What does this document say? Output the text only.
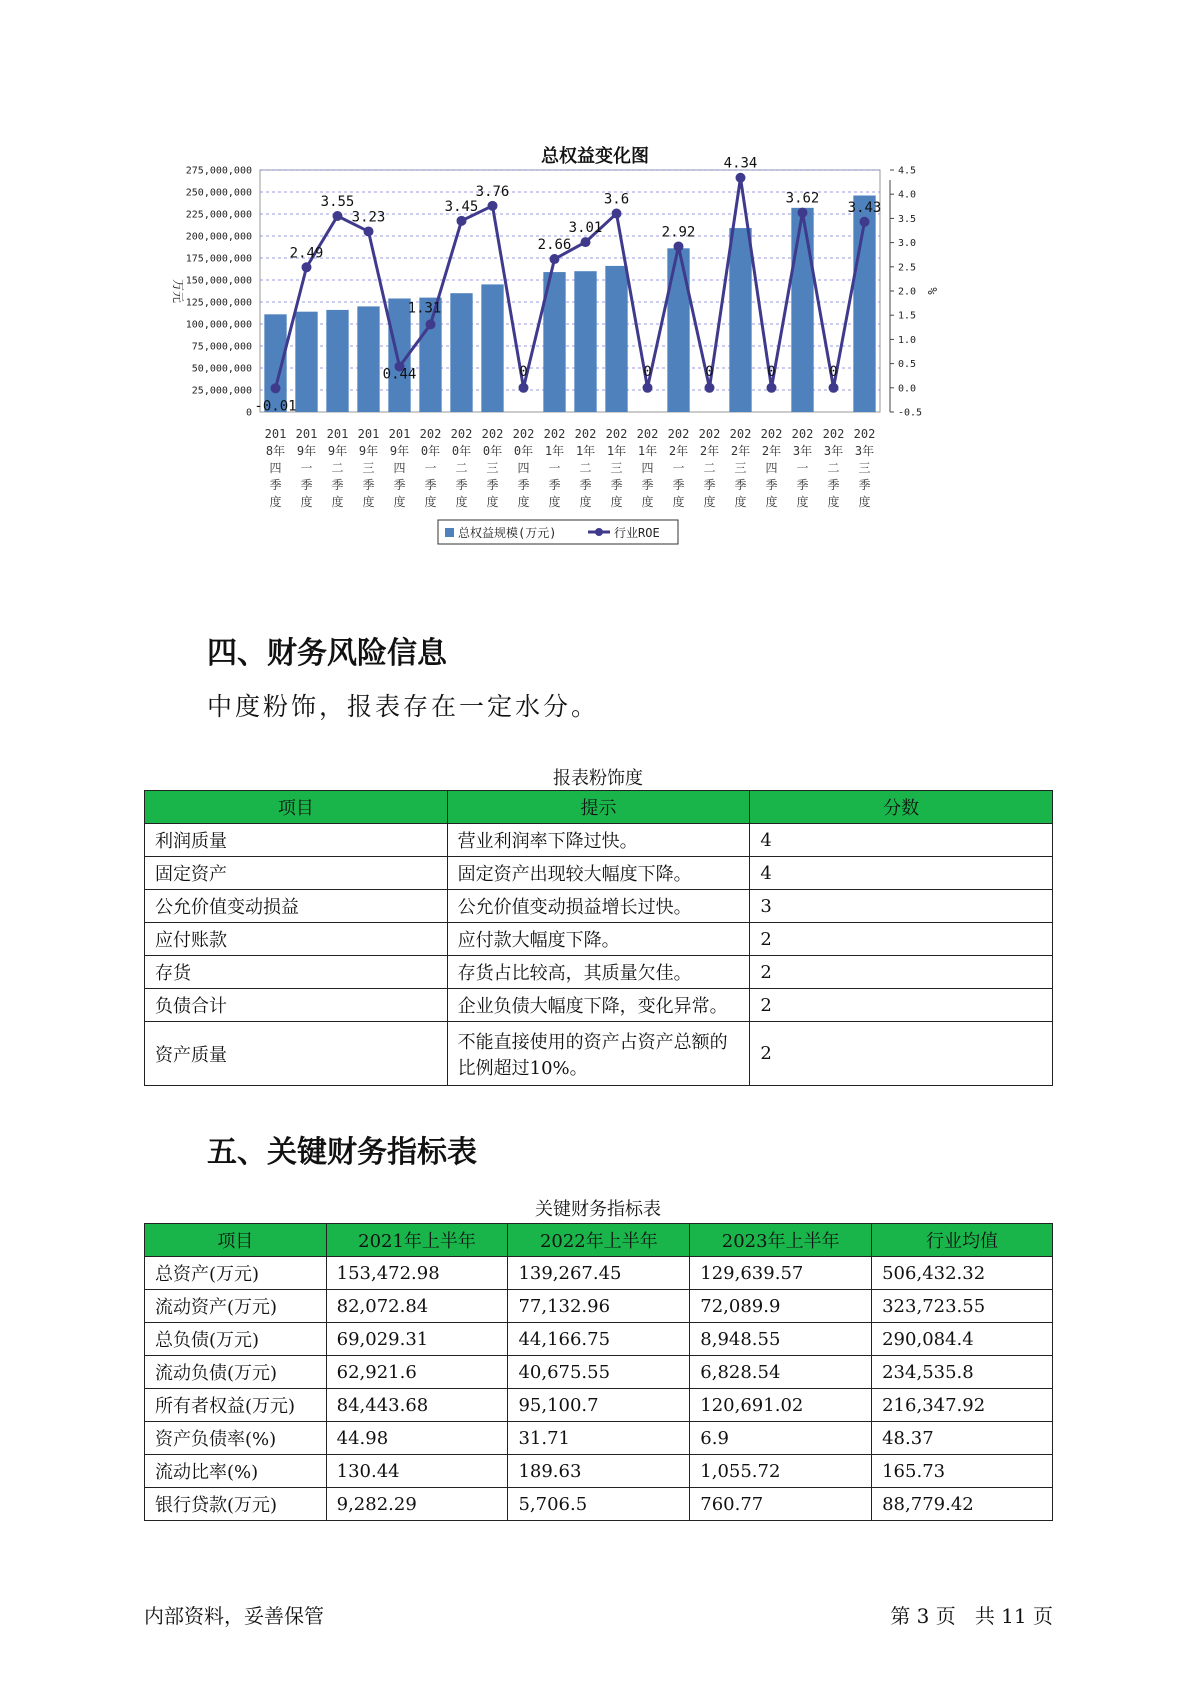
总权益变化图
0
25,000,000
50,000,000
75,000,000
100,000,000
125,000,000
150,000,000
175,000,000
200,000,000
225,000,000
250,000,000
275,000,000
-0.5
0.0
0.5
1.0
1.5
2.0
2.5
3.0
3.5
4.0
4.5
万元	%
-0.01
2.49
3.55
3.23
0.44
1.31
3.45
3.76
0
2.66
3.01
3.6
0
2.92
0
4.34
0
3.62
0
3.43
201
8年
四
季
度
201
9年
一
季
度
201
9年
二
季
度
201
9年
三
季
度
201
9年
四
季
度
202
0年
一
季
度
202
0年
二
季
度
202
0年
三
季
度
202
0年
四
季
度
202
1年
一
季
度
202
1年
二
季
度
202
1年
三
季
度
202
1年
四
季
度
202
2年
一
季
度
202
2年
二
季
度
202
2年
三
季
度
202
2年
四
季
度
202
3年
一
季
度
202
3年
二
季
度
202
3年
三
季
度
总权益规模(万元)	行业ROE
四、财务风险信息

中度粉饰，报表存在一定水分。

报表粉饰度
项目	提示	分数
利润质量	营业利润率下降过快。	4
固定资产	固定资产出现较大幅度下降。	4
公允价值变动损益	公允价值变动损益增长过快。	3
应付账款	应付款大幅度下降。	2
存货	存货占比较高，其质量欠佳。	2
负债合计	企业负债大幅度下降，变化异常。	2
资产质量	不能直接使用的资产占资产总额的比例超过10%。	2
五、关键财务指标表
关键财务指标表
项目	2021年上半年	2022年上半年	2023年上半年	行业均值
总资产(万元)	153,472.98	139,267.45	129,639.57	506,432.32
流动资产(万元)	82,072.84	77,132.96	72,089.9	323,723.55
总负债(万元)	69,029.31	44,166.75	8,948.55	290,084.4
流动负债(万元)	62,921.6	40,675.55	6,828.54	234,535.8
所有者权益(万元)	84,443.68	95,100.7	120,691.02	216,347.92
资产负债率(%)	44.98	31.71	6.9	48.37
流动比率(%)	130.44	189.63	1,055.72	165.73
银行贷款(万元)	9,282.29	5,706.5	760.77	88,779.42
内部资料，妥善保管	第 3 页   共 11 页
